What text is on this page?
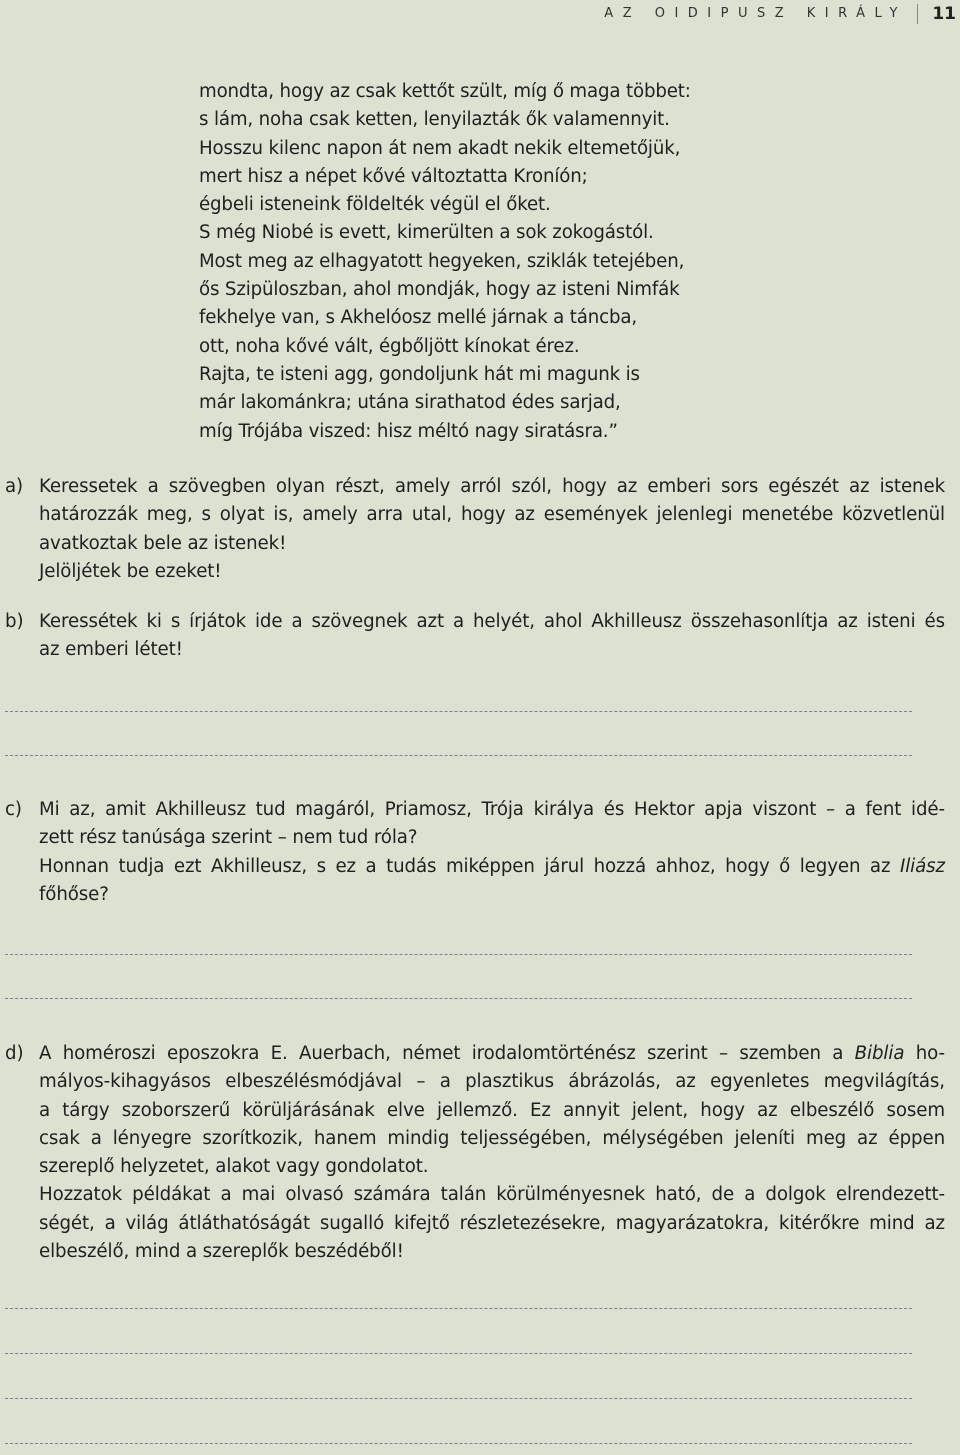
AZ OIDIPUSZ KIRÁLY	11
mondta, hogy az csak kettőt szült, míg ő maga többet:
s lám, noha csak ketten, lenyilazták ők valamennyit.
Hosszu kilenc napon át nem akadt nekik eltemetőjük,
mert hisz a népet kővé változtatta Kroníón;
égbeli isteneink földelték végül el őket.
S még Niobé is evett, kimerülten a sok zokogástól.
Most meg az elhagyatott hegyeken, sziklák tetejében,
ős Szipüloszban, ahol mondják, hogy az isteni Nimfák
fekhelye van, s Akhelóosz mellé járnak a táncba,
ott, noha kővé vált, égbőljött kínokat érez.
Rajta, te isteni agg, gondoljunk hát mi magunk is
már lakománkra; utána sirathatod édes sarjad,
míg Trójába viszed: hisz méltó nagy siratásra.”
a) Keressetek a szövegben olyan részt, amely arról szól, hogy az emberi sors egészét az istenek
határozzák meg, s olyat is, amely arra utal, hogy az események jelenlegi menetébe közvetlenül
avatkoztak bele az istenek!
Jelöljétek be ezeket!
b) Keressétek ki s írjátok ide a szövegnek azt a helyét, ahol Akhilleusz összehasonlítja az isteni és
az emberi létet!
c) Mi az, amit Akhilleusz tud magáról, Priamosz, Trója királya és Hektor apja viszont – a fent idé-
zett rész tanúsága szerint – nem tud róla?
Honnan tudja ezt Akhilleusz, s ez a tudás miképpen járul hozzá ahhoz, hogy ő legyen az Iliász
főhőse?
d) A homéroszi eposzokra E. Auerbach, német irodalomtörténész szerint – szemben a Biblia ho-
mályos-kihagyásos elbeszélésmódjával – a plasztikus ábrázolás, az egyenletes megvilágítás,
a tárgy szoborszerű körüljárásának elve jellemző. Ez annyit jelent, hogy az elbeszélő sosem
csak a lényegre szorítkozik, hanem mindig teljességében, mélységében jeleníti meg az éppen
szereplő helyzetet, alakot vagy gondolatot.
Hozzatok példákat a mai olvasó számára talán körülményesnek ható, de a dolgok elrendezett-
ségét, a világ átláthatóságát sugalló kifejtő részletezésekre, magyarázatokra, kitérőkre mind az
elbeszélő, mind a szereplők beszédéből!
